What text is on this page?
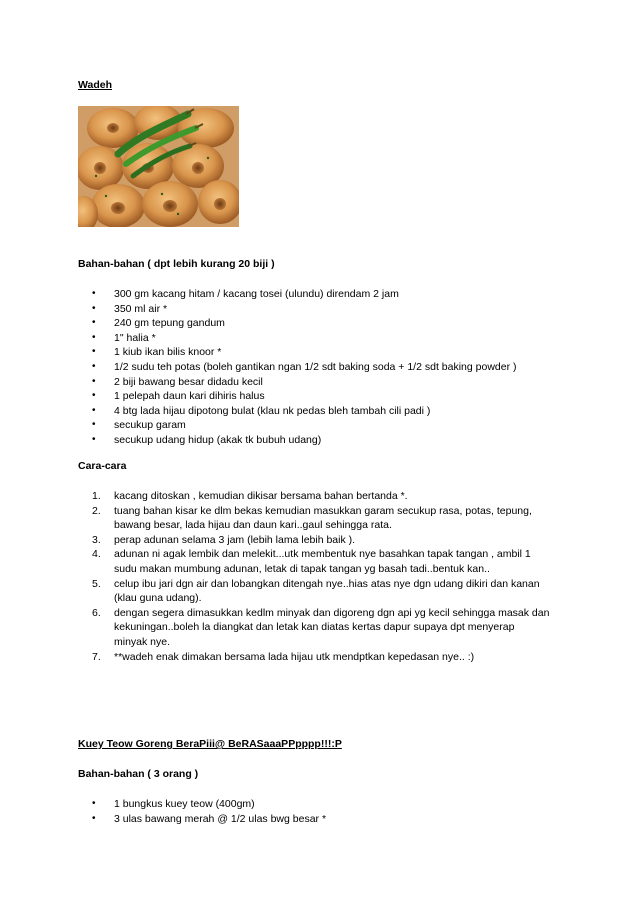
Wadeh
Bahan-bahan ( dpt lebih kurang 20 biji )
•	300 gm kacang hitam / kacang tosei (ulundu) direndam 2 jam
•	350 ml air *
•	240 gm tepung gandum
•	1" halia *
•	1 kiub ikan bilis knoor *
•	1/2 sudu teh potas (boleh gantikan ngan 1/2 sdt baking soda + 1/2 sdt baking powder )
•	2 biji bawang besar didadu kecil
•	1 pelepah daun kari dihiris halus
•	4 btg lada hijau dipotong bulat (klau nk pedas bleh tambah cili padi )
•	secukup garam
•	secukup udang hidup (akak tk bubuh udang)
Cara-cara
1.	kacang ditoskan , kemudian dikisar bersama bahan bertanda *.
2.	tuang bahan kisar ke dlm bekas kemudian masukkan garam secukup rasa, potas, tepung,
bawang besar, lada hijau dan daun kari..gaul sehingga rata.
3.	perap adunan selama 3 jam (lebih lama lebih baik ).
4.	adunan ni agak lembik dan melekit...utk membentuk nye basahkan tapak tangan , ambil 1
sudu makan mumbung adunan, letak di tapak tangan yg basah tadi..bentuk kan..
5.	celup ibu jari dgn air dan lobangkan ditengah nye..hias atas nye dgn udang dikiri dan kanan
(klau guna udang).
6.	dengan segera dimasukkan kedlm minyak dan digoreng dgn api yg kecil sehingga masak dan
kekuningan..boleh la diangkat dan letak kan diatas kertas dapur supaya dpt menyerap
minyak nye.
7.	**wadeh enak dimakan bersama lada hijau utk mendptkan kepedasan nye.. :)
Kuey Teow Goreng BeraPiii@ BeRASaaaPPpppp!!!:P
Bahan-bahan ( 3 orang )
•	1 bungkus kuey teow (400gm)
•	3 ulas bawang merah @ 1/2 ulas bwg besar *
